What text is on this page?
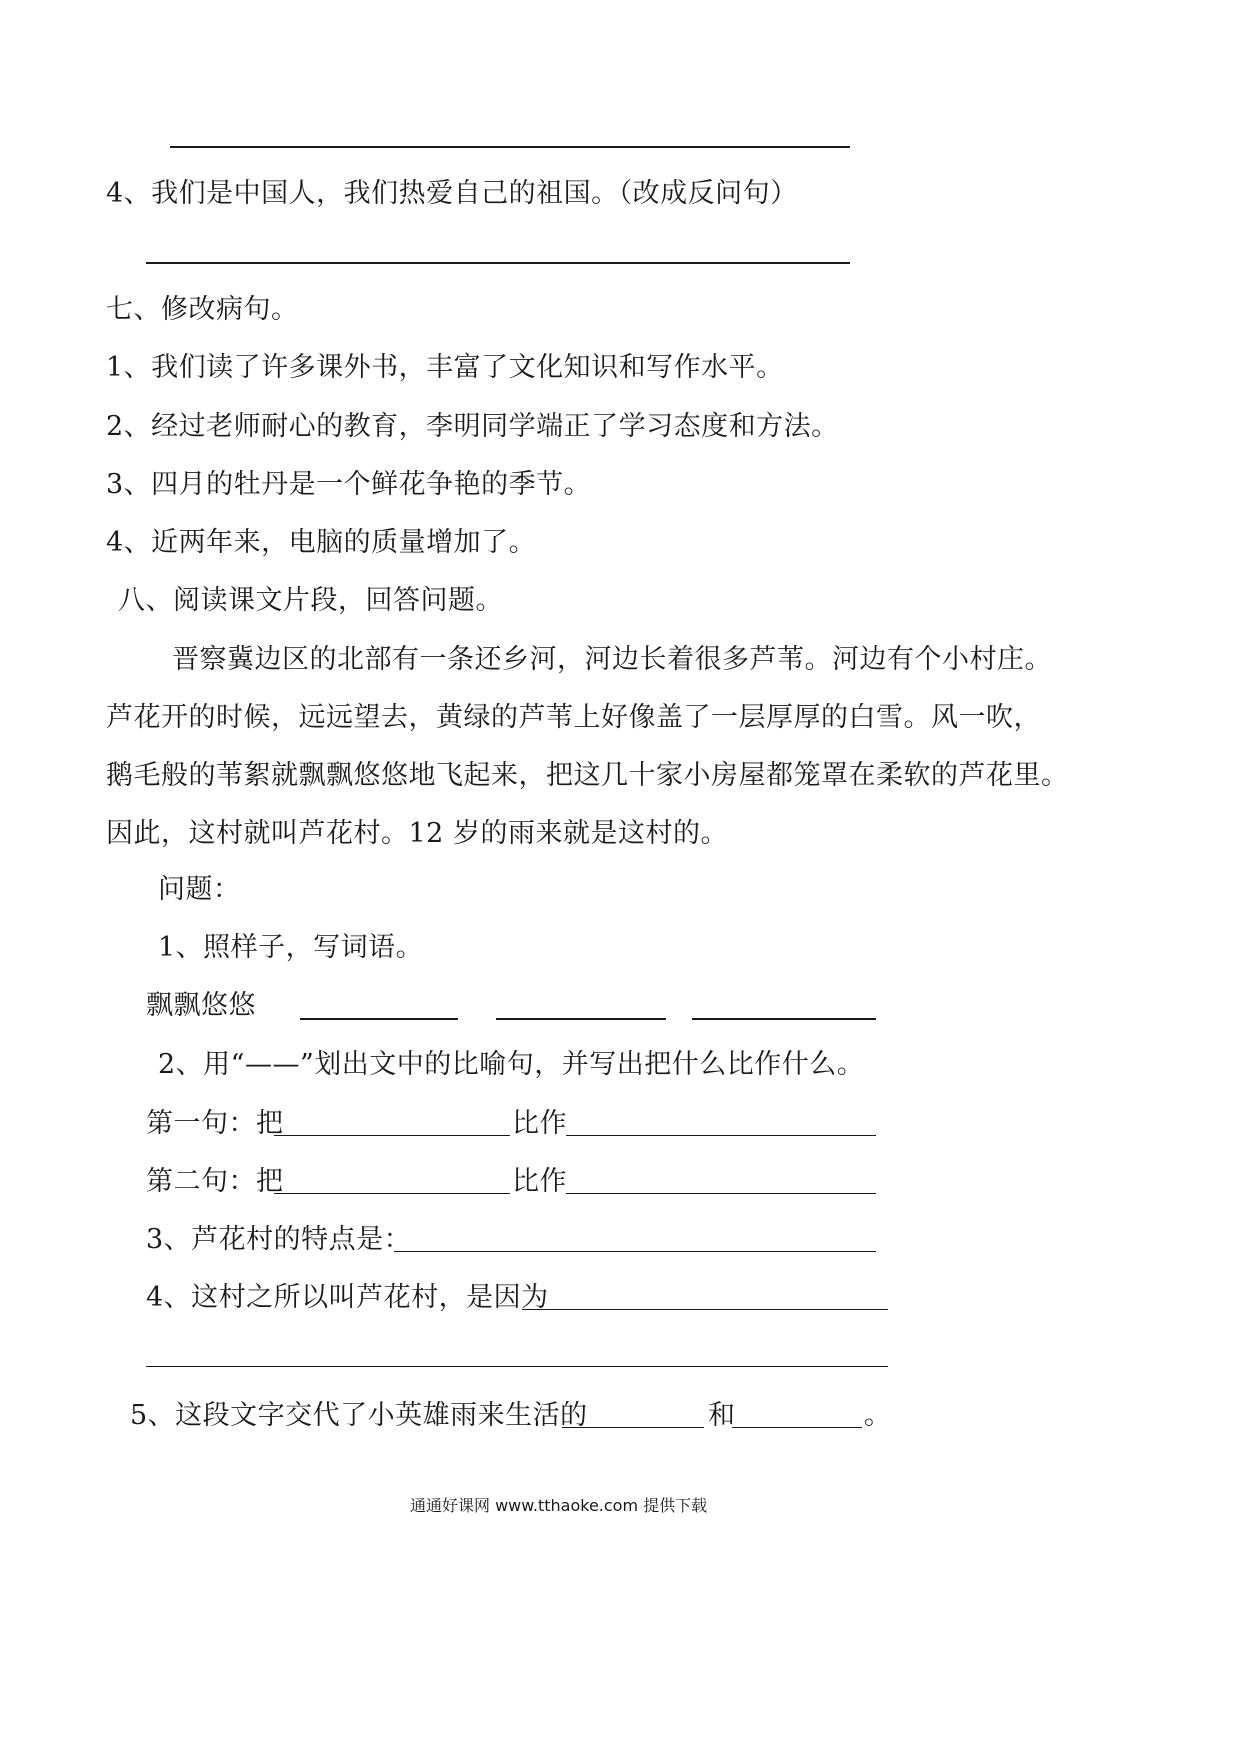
4、我们是中国人，我们热爱自己的祖国。（改成反问句）
七、修改病句。
1、我们读了许多课外书，丰富了文化知识和写作水平。
2、经过老师耐心的教育，李明同学端正了学习态度和方法。
3、四月的牡丹是一个鲜花争艳的季节。
4、近两年来，电脑的质量增加了。
八、阅读课文片段，回答问题。
晋察冀边区的北部有一条还乡河，河边长着很多芦苇。河边有个小村庄。
芦花开的时候，远远望去，黄绿的芦苇上好像盖了一层厚厚的白雪。风一吹，
鹅毛般的苇絮就飘飘悠悠地飞起来，把这几十家小房屋都笼罩在柔软的芦花里。
因此，这村就叫芦花村。12 岁的雨来就是这村的。
问题：
1、照样子，写词语。
飘飘悠悠
2、用“——”划出文中的比喻句，并写出把什么比作什么。
第一句：把	比作
第二句：把	比作
3、芦花村的特点是：
4、这村之所以叫芦花村，是因为
5、这段文字交代了小英雄雨来生活的	和	。
通通好课网 www.tthaoke.com 提供下载
